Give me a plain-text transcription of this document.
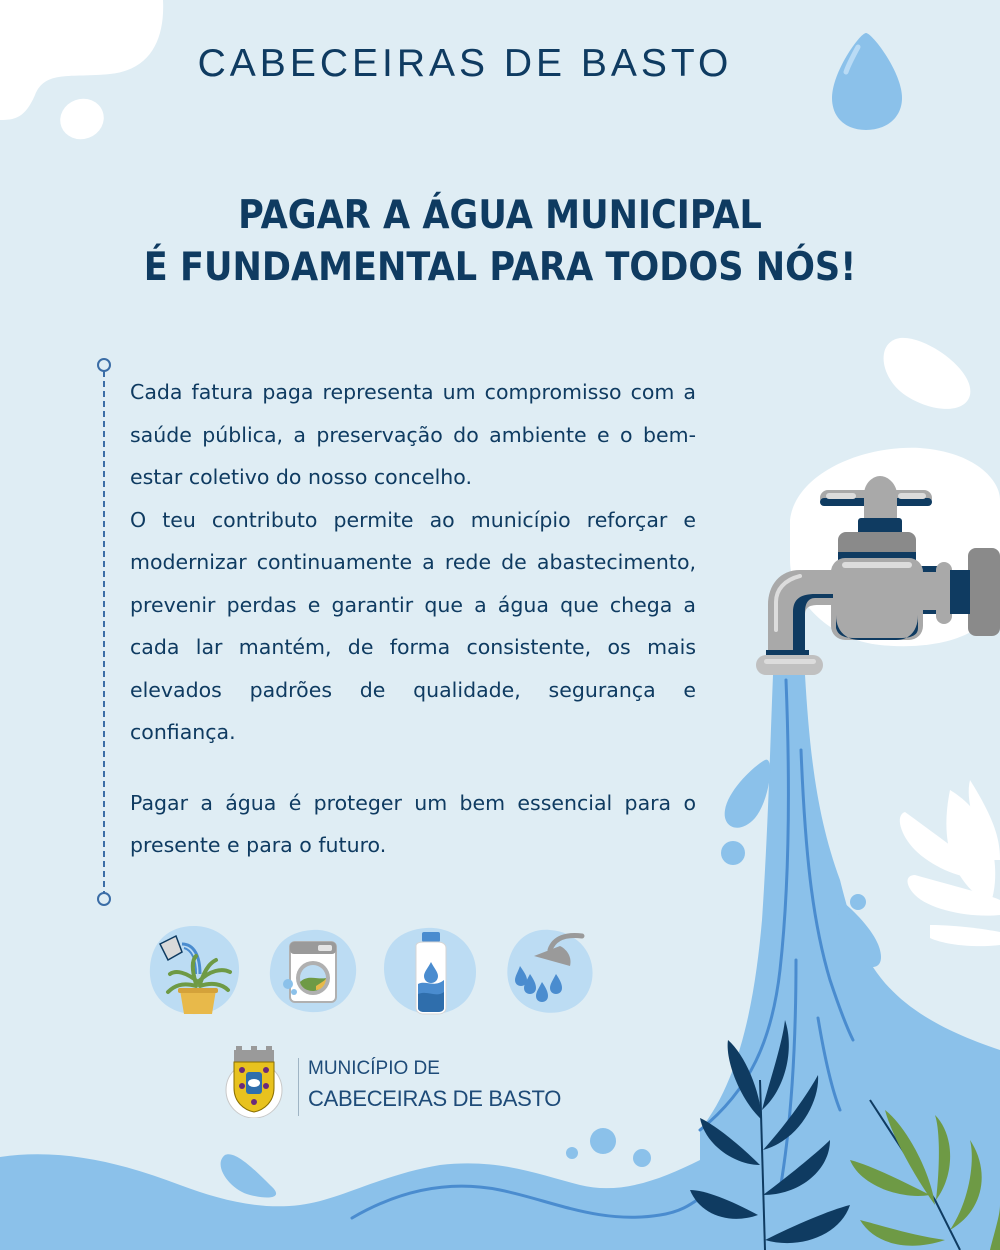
CABECEIRAS DE BASTO
PAGAR A ÁGUA MUNICIPAL
É FUNDAMENTAL PARA TODOS NÓS!

Cada fatura paga representa um compromisso com a saúde pública, a preservação do ambiente e o bem-estar coletivo do nosso concelho.

O teu contributo permite ao município reforçar e modernizar continuamente a rede de abastecimento, prevenir perdas e garantir que a água que chega a cada lar mantém, de forma consistente, os mais elevados padrões de qualidade, segurança e confiança.

Pagar a água é proteger um bem essencial para o presente e para o futuro.

MUNICÍPIO DE
CABECEIRAS DE BASTO
